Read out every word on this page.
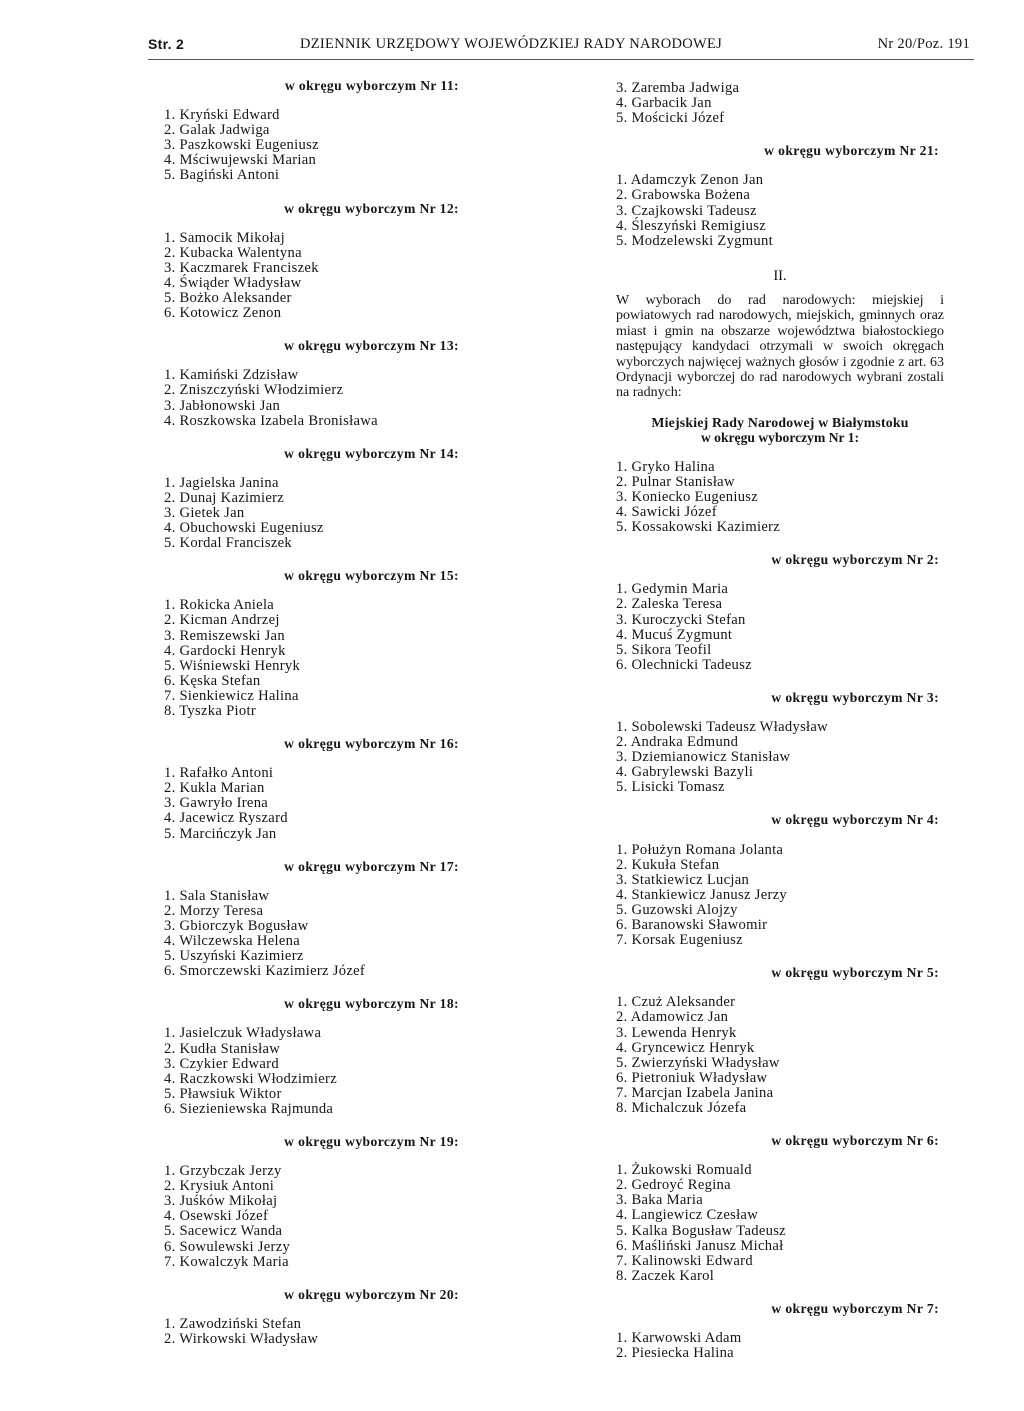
Str. 2	DZIENNIK URZĘDOWY WOJEWÓDZKIEJ RADY NARODOWEJ	Nr 20/Poz. 191
w okręgu wyborczym Nr 11:
1. Kryński Edward
2. Galak Jadwiga
3. Paszkowski Eugeniusz
4. Mściwujewski Marian
5. Bagiński Antoni
w okręgu wyborczym Nr 12:
1. Samocik Mikołaj
2. Kubacka Walentyna
3. Kaczmarek Franciszek
4. Świąder Władysław
5. Bożko Aleksander
6. Kotowicz Zenon
w okręgu wyborczym Nr 13:
1. Kamiński Zdzisław
2. Zniszczyński Włodzimierz
3. Jabłonowski Jan
4. Roszkowska Izabela Bronisława
w okręgu wyborczym Nr 14:
1. Jagielska Janina
2. Dunaj Kazimierz
3. Gietek Jan
4. Obuchowski Eugeniusz
5. Kordal Franciszek
w okręgu wyborczym Nr 15:
1. Rokicka Aniela
2. Kicman Andrzej
3. Remiszewski Jan
4. Gardocki Henryk
5. Wiśniewski Henryk
6. Kęska Stefan
7. Sienkiewicz Halina
8. Tyszka Piotr
w okręgu wyborczym Nr 16:
1. Rafałko Antoni
2. Kukla Marian
3. Gawryło Irena
4. Jacewicz Ryszard
5. Marcińczyk Jan
w okręgu wyborczym Nr 17:
1. Sala Stanisław
2. Morzy Teresa
3. Gbiorczyk Bogusław
4. Wilczewska Helena
5. Uszyński Kazimierz
6. Smorczewski Kazimierz Józef
w okręgu wyborczym Nr 18:
1. Jasielczuk Władysława
2. Kudła Stanisław
3. Czykier Edward
4. Raczkowski Włodzimierz
5. Pławsiuk Wiktor
6. Siezieniewska Rajmunda
w okręgu wyborczym Nr 19:
1. Grzybczak Jerzy
2. Krysiuk Antoni
3. Juśków Mikołaj
4. Osewski Józef
5. Sacewicz Wanda
6. Sowulewski Jerzy
7. Kowalczyk Maria
w okręgu wyborczym Nr 20:
1. Zawodziński Stefan
2. Wirkowski Władysław
3. Zaremba Jadwiga
4. Garbacik Jan
5. Mościcki Józef
w okręgu wyborczym Nr 21:
1. Adamczyk Zenon Jan
2. Grabowska Bożena
3. Czajkowski Tadeusz
4. Śleszyński Remigiusz
5. Modzelewski Zygmunt
II.

W wyborach do rad narodowych: miejskiej i powiatowych rad narodowych, miejskich, gminnych oraz miast i gmin na obszarze województwa białostockiego następujący kandydaci otrzymali w swoich okręgach wyborczych najwięcej ważnych głosów i zgodnie z art. 63 Ordynacji wyborczej do rad narodowych wybrani zostali na radnych:

Miejskiej Rady Narodowej w Białymstoku
w okręgu wyborczym Nr 1:
1. Gryko Halina
2. Pulnar Stanisław
3. Koniecko Eugeniusz
4. Sawicki Józef
5. Kossakowski Kazimierz
w okręgu wyborczym Nr 2:
1. Gedymin Maria
2. Zaleska Teresa
3. Kuroczycki Stefan
4. Mucuś Zygmunt
5. Sikora Teofil
6. Olechnicki Tadeusz
w okręgu wyborczym Nr 3:
1. Sobolewski Tadeusz Władysław
2. Andraka Edmund
3. Dziemianowicz Stanisław
4. Gabrylewski Bazyli
5. Lisicki Tomasz
w okręgu wyborczym Nr 4:
1. Połużyn Romana Jolanta
2. Kukuła Stefan
3. Statkiewicz Lucjan
4. Stankiewicz Janusz Jerzy
5. Guzowski Alojzy
6. Baranowski Sławomir
7. Korsak Eugeniusz
w okręgu wyborczym Nr 5:
1. Czuż Aleksander
2. Adamowicz Jan
3. Lewenda Henryk
4. Gryncewicz Henryk
5. Zwierzyński Władysław
6. Pietroniuk Władysław
7. Marcjan Izabela Janina
8. Michalczuk Józefa
w okręgu wyborczym Nr 6:
1. Żukowski Romuald
2. Gedroyć Regina
3. Baka Maria
4. Langiewicz Czesław
5. Kalka Bogusław Tadeusz
6. Maśliński Janusz Michał
7. Kalinowski Edward
8. Zaczek Karol
w okręgu wyborczym Nr 7:
1. Karwowski Adam
2. Piesiecka Halina
